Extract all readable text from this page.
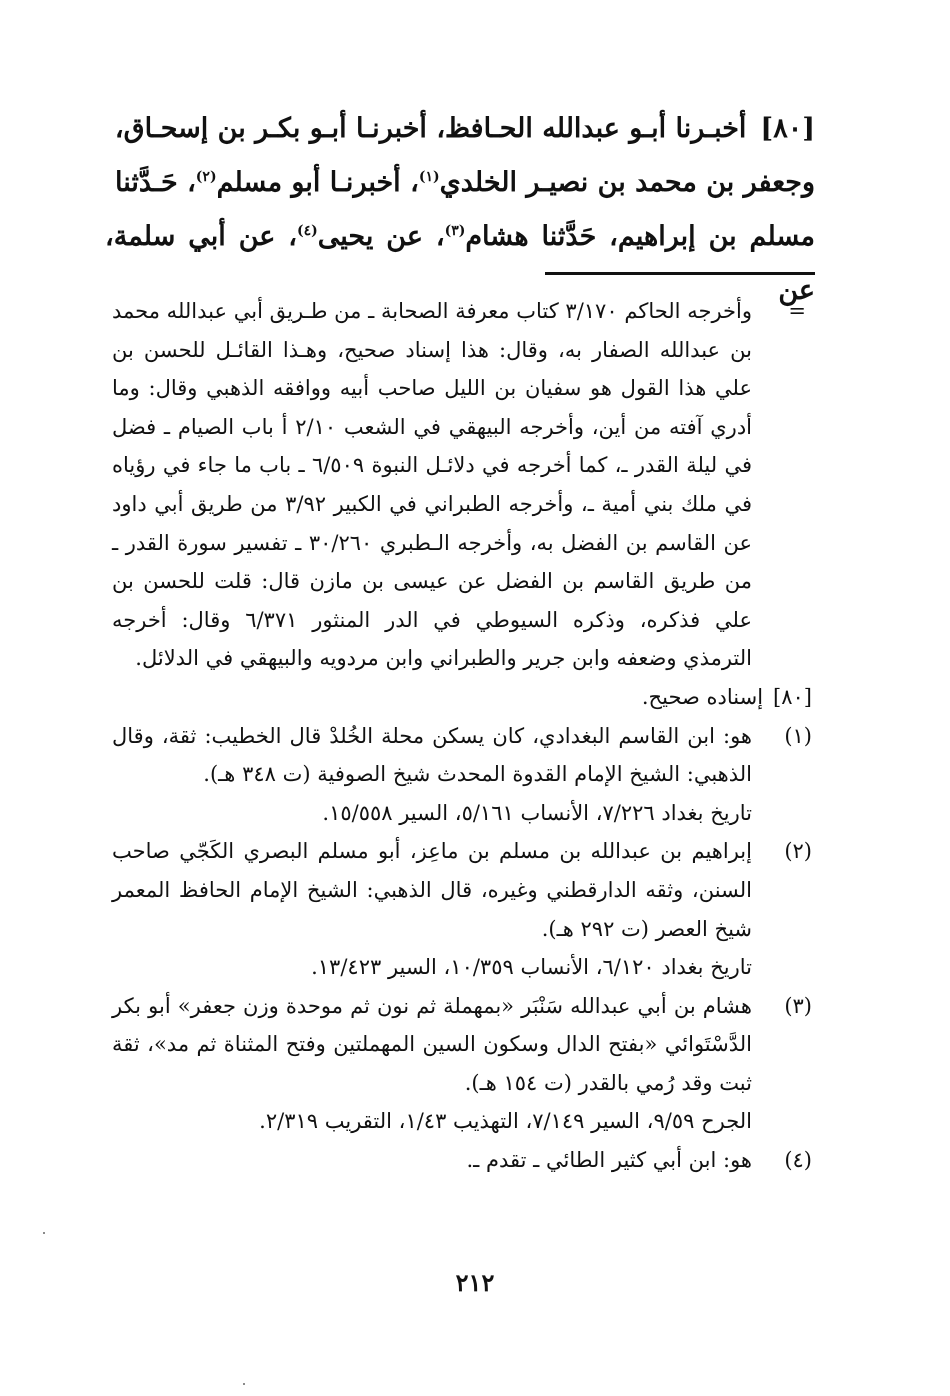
[٨٠]أخبـرنا أبـو عبدالله الحـافظ، أخبرنـا أبـو بكـر بن إسحـاق،
وجعفر بن محمد بن نصيـر الخلدي$^{(١)}$، أخبرنـا أبو مسلم$^{(٢)}$، حَـدَّثنا
مسلم بن إبراهيم، حَدَّثنا هشام$^{(٣)}$، عن يحيى$^{(٤)}$، عن أبي سلمة، عن
=
وأخرجه الحاكم ٣/١٧٠ كتاب معرفة الصحابة ـ من طـريق أبي عبدالله محمد بن عبدالله الصفار به، وقال: هذا إسناد صحيح، وهـذا القائـل للحسن بن علي هذا القول هو سفيان بن الليل صاحب أبيه ووافقه الذهبي وقال: وما أدري آفته من أين، وأخرجه البيهقي في الشعب ٢/١٠ أ باب الصيام ـ فضل في ليلة القدر ـ، كما أخرجه في دلائـل النبوة ٦/٥٠٩ ـ باب ما جاء في رؤياه في ملك بني أمية ـ، وأخرجه الطبراني في الكبير ٣/٩٢ من طريق أبي داود عن القاسم بن الفضل به، وأخرجه الـطبري ٣٠/٢٦٠ ـ تفسير سورة القدر ـ من طريق القاسم بن الفضل عن عيسى بن مازن قال: قلت للحسن بن علي فذكره، وذكره السيوطي في الدر المنثور ٦/٣٧١ وقال: أخرجه الترمذي وضعفه وابن جرير والطبراني وابن مردويه والبيهقي في الدلائل.
[٨٠]إسناده صحيح.
(١)
هو: ابن القاسم البغدادي، كان يسكن محلة الخُلدْ قال الخطيب: ثقة، وقال الذهبي: الشيخ الإمام القدوة المحدث شيخ الصوفية (ت ٣٤٨ هـ).
تاريخ بغداد ٧/٢٢٦، الأنساب ٥/١٦١، السير ١٥/٥٥٨.
(٢)
إبراهيم بن عبدالله بن مسلم بن ماعِز، أبو مسلم البصري الكَجّي صاحب السنن، وثقه الدارقطني وغيره، قال الذهبي: الشيخ الإمام الحافظ المعمر شيخ العصر (ت ٢٩٢ هـ).
تاريخ بغداد ٦/١٢٠، الأنساب ١٠/٣٥٩، السير ١٣/٤٢٣.
(٣)
هشام بن أبي عبدالله سَنْبَر «بمهملة ثم نون ثم موحدة وزن جعفر» أبو بكر الدَّسْتَوائي «بفتح الدال وسكون السين المهملتين وفتح المثناة ثم مد»، ثقة ثبت وقد رُمي بالقدر (ت ١٥٤ هـ).
الجرح ٩/٥٩، السير ٧/١٤٩، التهذيب ١/٤٣، التقريب ٢/٣١٩.
(٤)
هو: ابن أبي كثير الطائي ـ تقدم ـ.
٢١٢
